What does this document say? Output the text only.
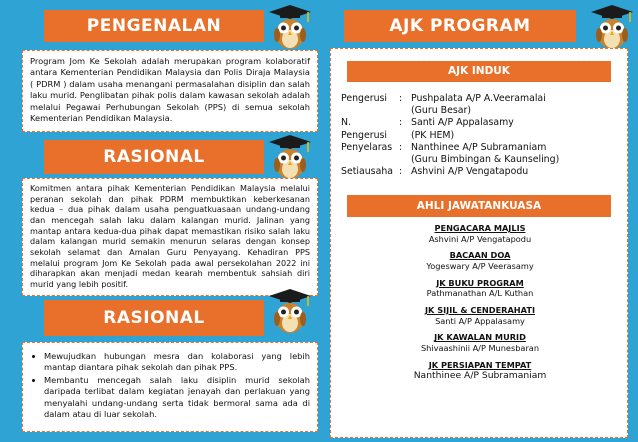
PENGENALAN
Program Jom Ke Sekolah adalah merupakan program kolaboratif antara Kementerian Pendidikan Malaysia dan Polis Diraja Malaysia ( PDRM ) dalam usaha menangani permasalahan disiplin dan salah laku murid. Penglibatan pihak polis dalam kawasan sekolah adalah melalui Pegawai Perhubungan Sekolah (PPS) di semua sekolah Kementerian Pendidikan Malaysia.
RASIONAL
Komitmen antara pihak Kementerian Pendidikan Malaysia melalui peranan sekolah dan pihak PDRM membuktikan keberkesanan kedua – dua pihak dalam usaha penguatkuasaan undang-undang dan mencegah salah laku dalam kalangan murid. Jalinan yang mantap antara kedua-dua pihak dapat memastikan risiko salah laku dalam kalangan murid semakin menurun selaras dengan konsep sekolah selamat dan Amalan Guru Penyayang. Kehadiran PPS melalui program Jom Ke Sekolah pada awal persekolahan 2022 ini diharapkan akan menjadi medan kearah membentuk sahsiah diri murid yang lebih positif.
RASIONAL
• Mewujudkan hubungan mesra dan kolaborasi yang lebih mantap diantara pihak sekolah dan pihak PPS.
• Membantu mencegah salah laku disiplin murid sekolah daripada terlibat dalam kegiatan jenayah dan perlakuan yang menyalahi undang-undang serta tidak bermoral sama ada di dalam atau di luar sekolah.
AJK PROGRAM
AJK INDUK
Pengerusi	: Pushpalata A/P A.Veeramalai
(Guru Besar)
N. Pengerusi
: Santi A/P Appalasamy
(PK HEM)
Penyelaras : Nanthinee A/P Subramaniam
(Guru Bimbingan & Kaunseling)
Setiausaha : Ashvini A/P Vengatapodu
AHLI JAWATANKUASA
PENGACARA MAJLIS
Ashvini A/P Vengatapodu
BACAAN DOA
Yogeswary A/P Veerasamy
JK BUKU PROGRAM
Pathmanathan A/L Kuthan
JK SIJIL & CENDERAHATI
Santi A/P Appalasamy
JK KAWALAN MURID
Shivaashinii A/P Munesbaran
JK PERSIAPAN TEMPAT
Nanthinee A/P Subramaniam
